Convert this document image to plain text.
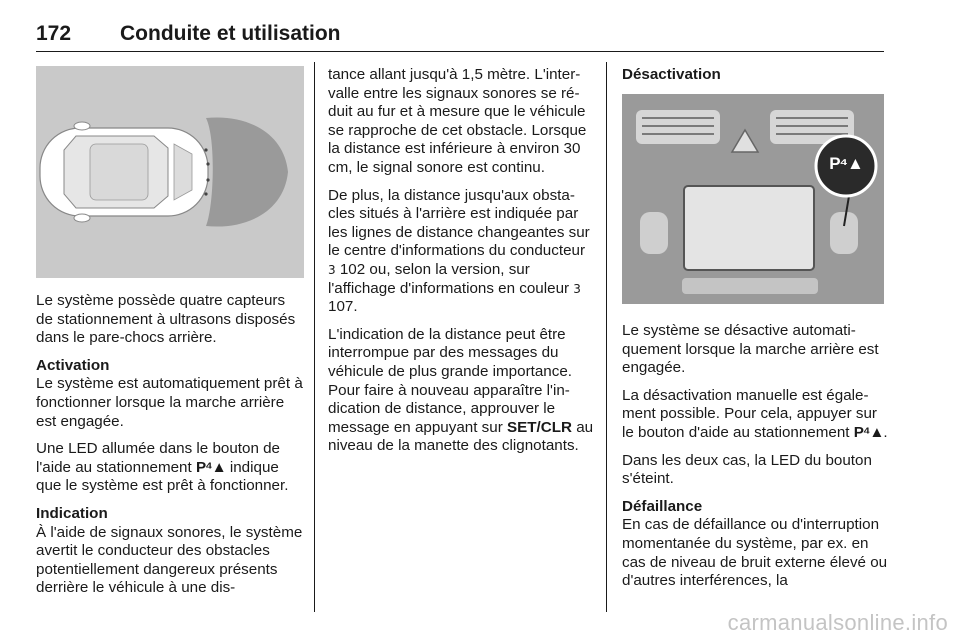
172 Conduite et utilisation

Le système possède quatre capteurs de stationnement à ultrasons disposés dans le pare-chocs arrière.

Activation

Le système est automatiquement prêt à fonctionner lorsque la marche arrière est engagée.

Une LED allumée dans le bouton de l'aide au stationnement P⁴▲ indique que le système est prêt à fonctionner.

Indication

À l'aide de signaux sonores, le système avertit le conducteur des obstacles potentiellement dangereux présents derrière le véhicule à une dis-

tance allant jusqu'à 1,5 mètre. L'intervalle entre les signaux sonores se réduit au fur et à mesure que le véhicule se rapproche de cet obstacle. Lorsque la distance est inférieure à environ 30 cm, le signal sonore est continu.

De plus, la distance jusqu'aux obstacles situés à l'arrière est indiquée par les lignes de distance changeantes sur le centre d'informations du conducteur 3 102 ou, selon la version, sur l'affichage d'informations en couleur 3 107.

L'indication de la distance peut être interrompue par des messages du véhicule de plus grande importance. Pour faire à nouveau apparaître l'indication de distance, approuver le message en appuyant sur SET/CLR au niveau de la manette des clignotants.

Désactivation
P⁴▲

Le système se désactive automatiquement lorsque la marche arrière est engagée.

La désactivation manuelle est également possible. Pour cela, appuyer sur le bouton d'aide au stationnement P⁴▲.

Dans les deux cas, la LED du bouton s'éteint.

Défaillance

En cas de défaillance ou d'interruption momentanée du système, par ex. en cas de niveau de bruit externe élevé ou d'autres interférences, la

carmanualsonline.info
